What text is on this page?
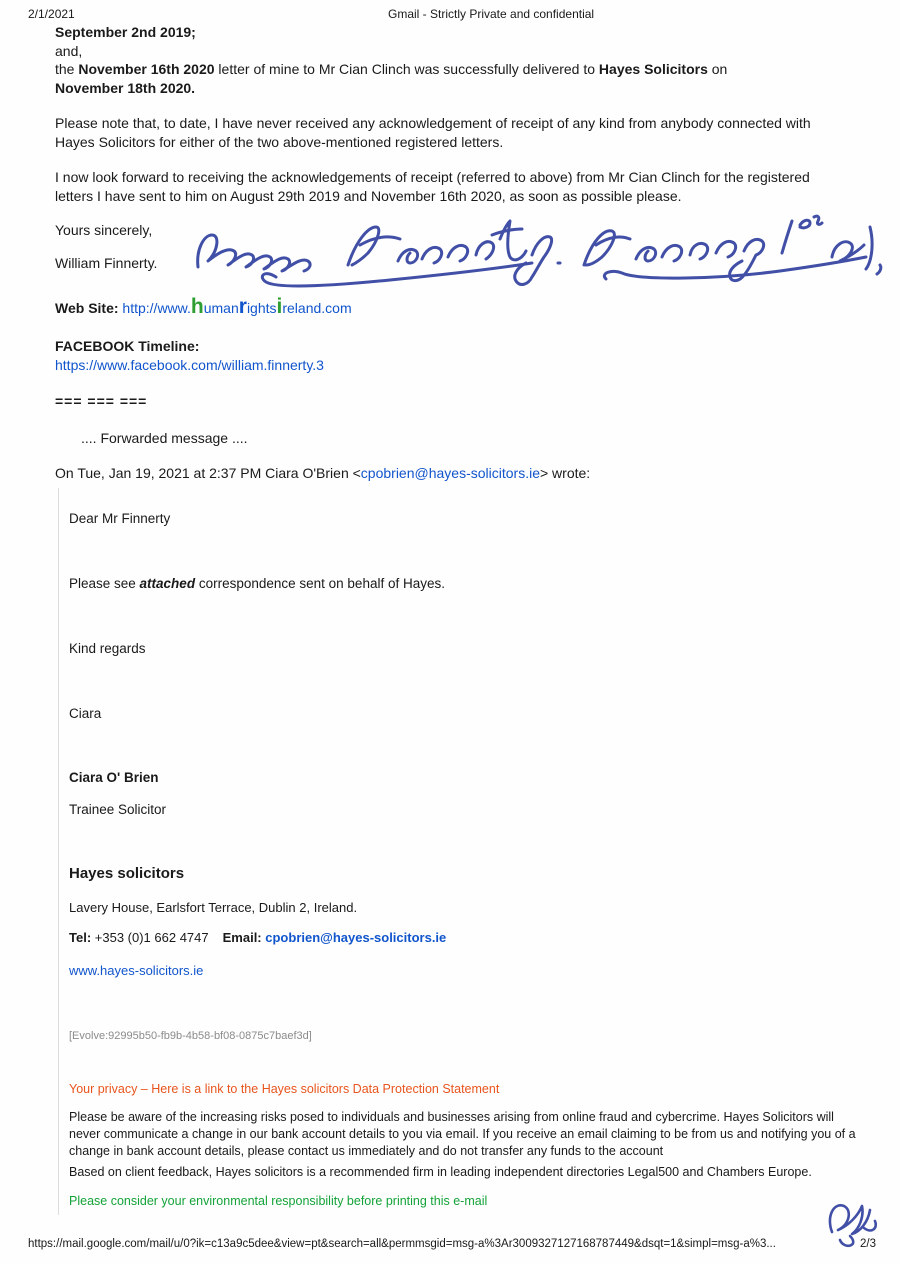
2/1/2021	Gmail - Strictly Private and confidential

September 2nd 2019;
and,
the November 16th 2020 letter of mine to Mr Cian Clinch was successfully delivered to Hayes Solicitors on
November 18th 2020.

Please note that, to date, I have never received any acknowledgement of receipt of any kind from anybody connected with Hayes Solicitors for either of the two above-mentioned registered letters.

I now look forward to receiving the acknowledgements of receipt (referred to above) from Mr Cian Clinch for the registered letters I have sent to him on August 29th 2019 and November 16th 2020, as soon as possible please.

Yours sincerely,

William Finnerty.

Web Site: http://www.humanrightsireland.com

FACEBOOK Timeline:

https://www.facebook.com/william.finnerty.3

=== === ===

.... Forwarded message ....

On Tue, Jan 19, 2021 at 2:37 PM Ciara O'Brien <cpobrien@hayes-solicitors.ie> wrote:

Dear Mr Finnerty

Please see attached correspondence sent on behalf of Hayes.

Kind regards

Ciara

Ciara O' Brien

Trainee Solicitor

Hayes solicitors

Lavery House, Earlsfort Terrace, Dublin 2, Ireland.

Tel: +353 (0)1 662 4747 Email: cpobrien@hayes-solicitors.ie

www.hayes-solicitors.ie

[Evolve:92995b50-fb9b-4b58-bf08-0875c7baef3d]

Your privacy – Here is a link to the Hayes solicitors Data Protection Statement

Please be aware of the increasing risks posed to individuals and businesses arising from online fraud and cybercrime. Hayes Solicitors will never communicate a change in our bank account details to you via email. If you receive an email claiming to be from us and notifying you of a change in bank account details, please contact us immediately and do not transfer any funds to the account

Based on client feedback, Hayes solicitors is a recommended firm in leading independent directories Legal500 and Chambers Europe.

Please consider your environmental responsibility before printing this e-mail

https://mail.google.com/mail/u/0?ik=c13a9c5dee&view=pt&search=all&permmsgid=msg-a%3Ar3009327127168787449&dsqt=1&simpl=msg-a%3...	2/3
